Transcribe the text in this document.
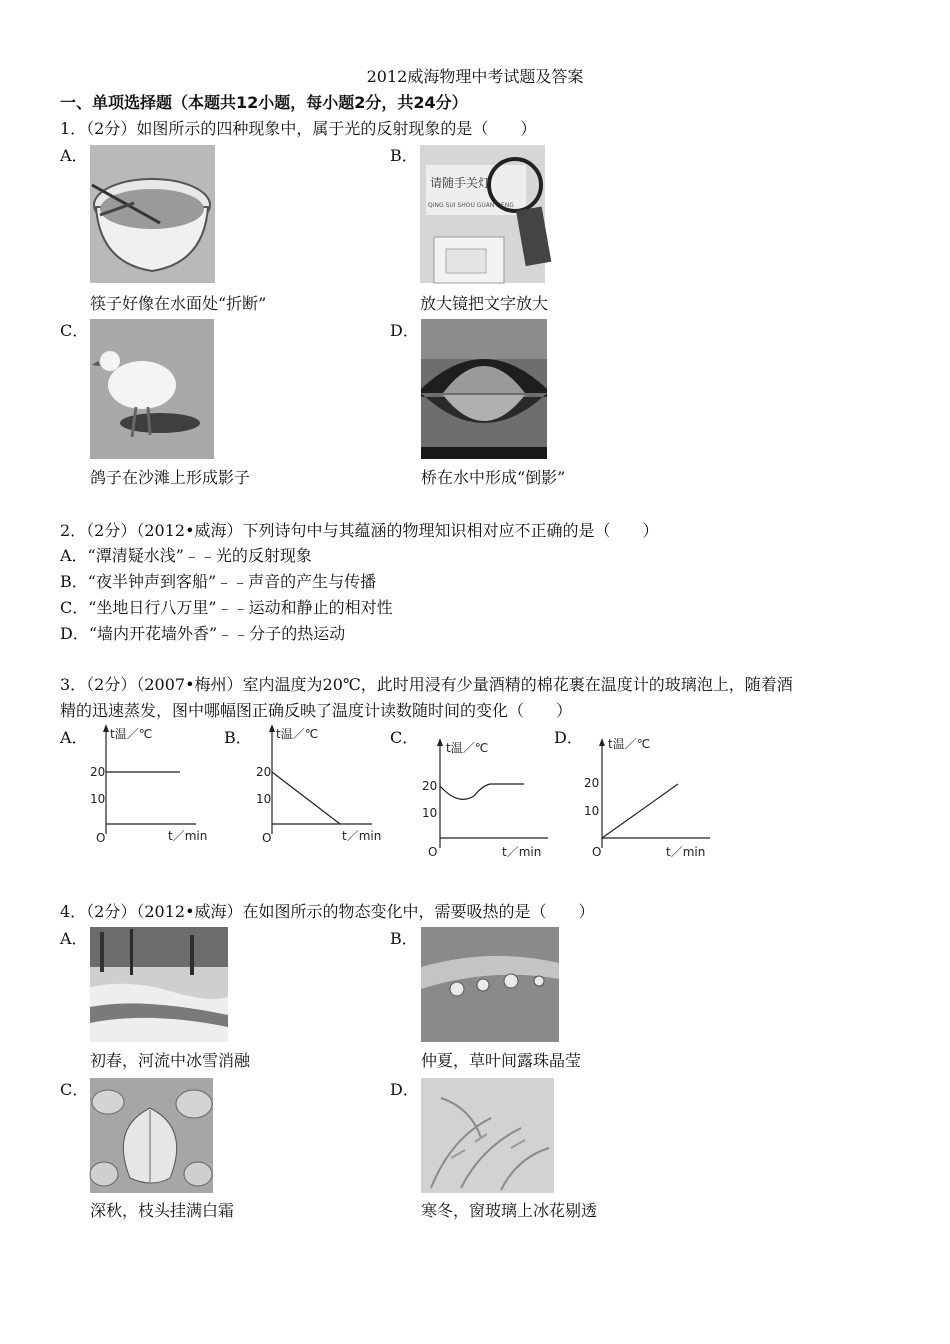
2012威海物理中考试题及答案
一、单项选择题（本题共12小题，每小题2分，共24分）
1．（2分）如图所示的四种现象中，属于光的反射现象的是（　　）
A．
筷子好像在水面处“折断”
B．
请随手关灯
QING SUI SHOU GUAN DENG
放大镜把文字放大
C．
鸽子在沙滩上形成影子
D．
桥在水中形成“倒影”
2．（2分）（2012•威海）下列诗句中与其蕴涵的物理知识相对应不正确的是（　　）
A．“潭清疑水浅”﹣﹣光的反射现象
B．“夜半钟声到客船”﹣﹣声音的产生与传播
C．“坐地日行八万里”﹣﹣运动和静止的相对性
D．“墙内开花墙外香”﹣﹣分子的热运动
3．（2分）（2007•梅州）室内温度为20℃，此时用浸有少量酒精的棉花裹在温度计的玻璃泡上，随着酒
精的迅速蒸发，图中哪幅图正确反映了温度计读数随时间的变化（　　）
A． t温／℃
20
10
O	t／min
B． t温／℃
20
10
O	t／min
C．
t温／℃
20
10
O	t／min
D． t温／℃
20
10
O	t／min
4．（2分）（2012•威海）在如图所示的物态变化中，需要吸热的是（　　）
A．
初春，河流中冰雪消融
B．
仲夏，草叶间露珠晶莹
C．
深秋，枝头挂满白霜
D．
寒冬，窗玻璃上冰花剔透
